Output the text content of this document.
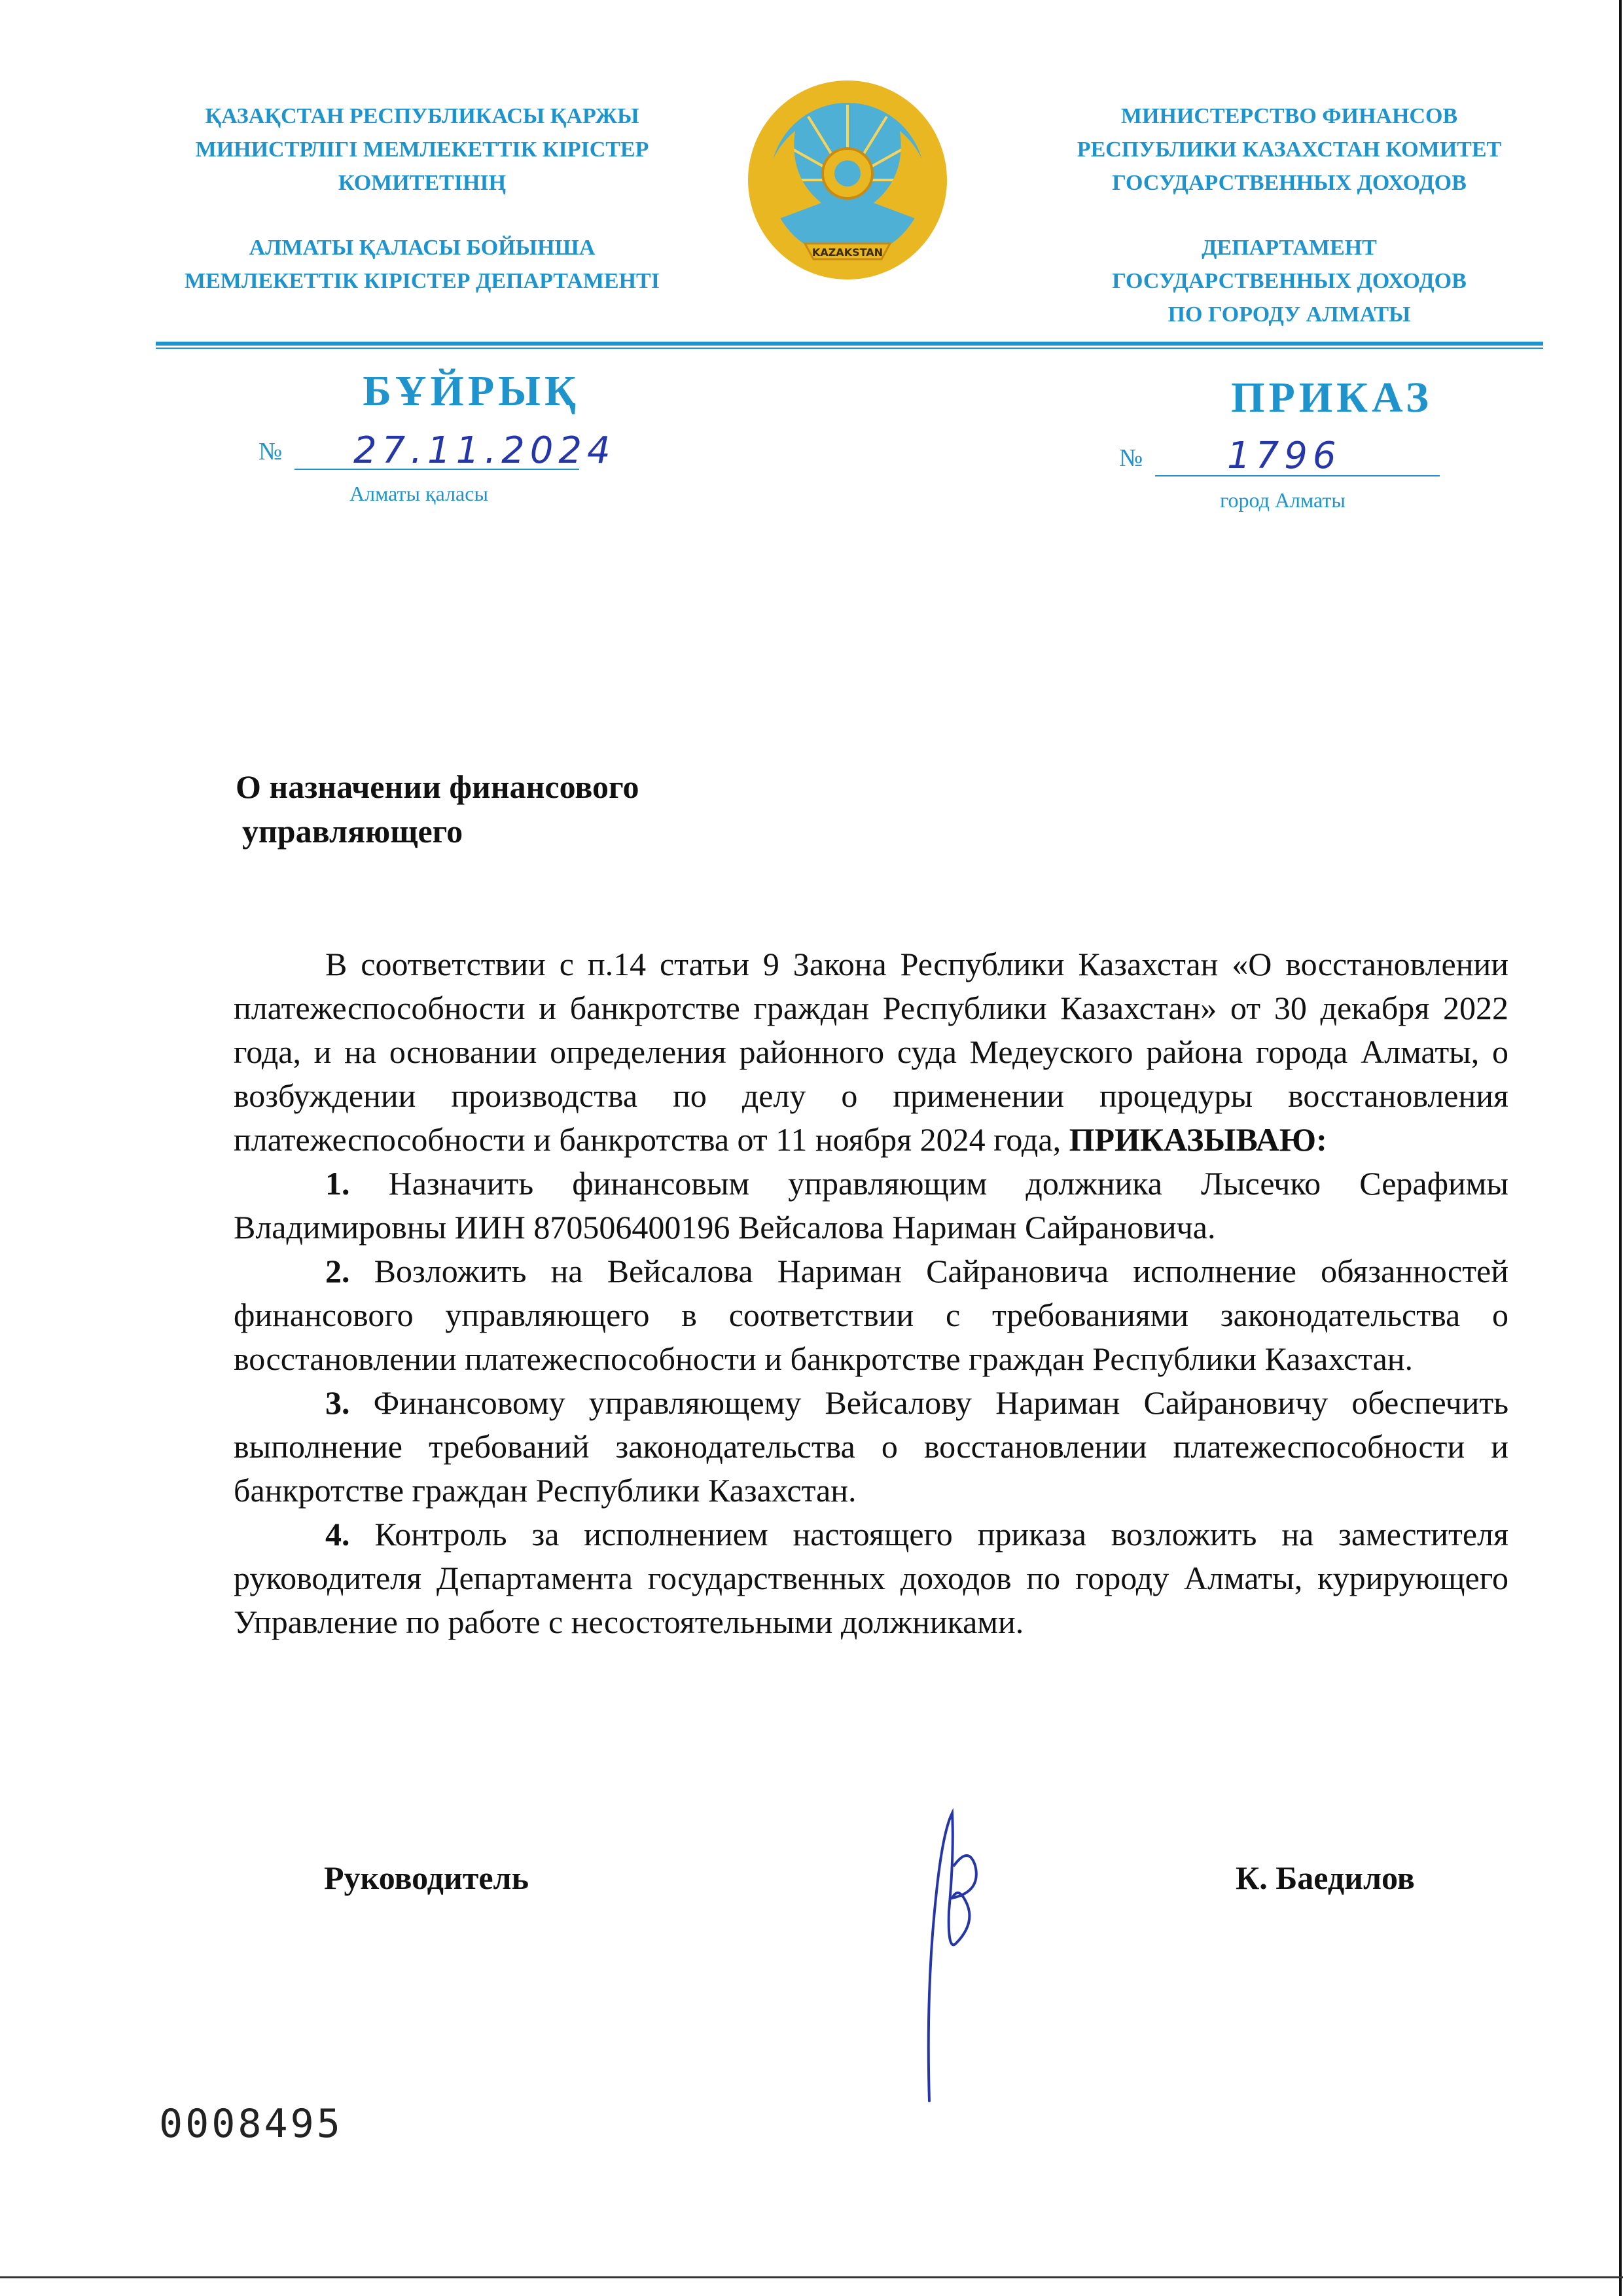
ҚАЗАҚСТАН РЕСПУБЛИКАСЫ ҚАРЖЫ

МИНИСТРЛІГІ МЕМЛЕКЕТТІК КІРІСТЕР

КОМИТЕТІНІҢ

АЛМАТЫ ҚАЛАСЫ БОЙЫНША

МЕМЛЕКЕТТІК КІРІСТЕР ДЕПАРТАМЕНТІ

KAZAKSTAN

МИНИСТЕРСТВО ФИНАНСОВ

РЕСПУБЛИКИ КАЗАХСТАН КОМИТЕТ

ГОСУДАРСТВЕННЫХ ДОХОДОВ

ДЕПАРТАМЕНТ

ГОСУДАРСТВЕННЫХ ДОХОДОВ

ПО ГОРОДУ АЛМАТЫ

БҰЙРЫҚ	ПРИКАЗ
№ 27.11.2024
Алматы қаласы
№ 1796
город Алматы

О назначении финансового

управляющего

В соответствии с п.14 статьи 9 Закона Республики Казахстан «О восстановлении платежеспособности и банкротстве граждан Республики Казахстан» от 30 декабря 2022 года, и на основании определения районного суда Медеуского района города Алматы, о возбуждении производства по делу о применении процедуры восстановления платежеспособности и банкротства от 11 ноября 2024 года, ПРИКАЗЫВАЮ:

1. Назначить финансовым управляющим должника Лысечко Серафимы Владимировны ИИН 870506400196 Вейсалова Нариман Сайрановича.

2. Возложить на Вейсалова Нариман Сайрановича исполнение обязанностей финансового управляющего в соответствии с требованиями законодательства о восстановлении платежеспособности и банкротстве граждан Республики Казахстан.

3. Финансовому управляющему Вейсалову Нариман Сайрановичу обеспечить выполнение требований законодательства о восстановлении платежеспособности и банкротстве граждан Республики Казахстан.

4. Контроль за исполнением настоящего приказа возложить на заместителя руководителя Департамента государственных доходов по городу Алматы, курирующего Управление по работе с несостоятельными должниками.

Руководитель	К. Баедилов
0008495
